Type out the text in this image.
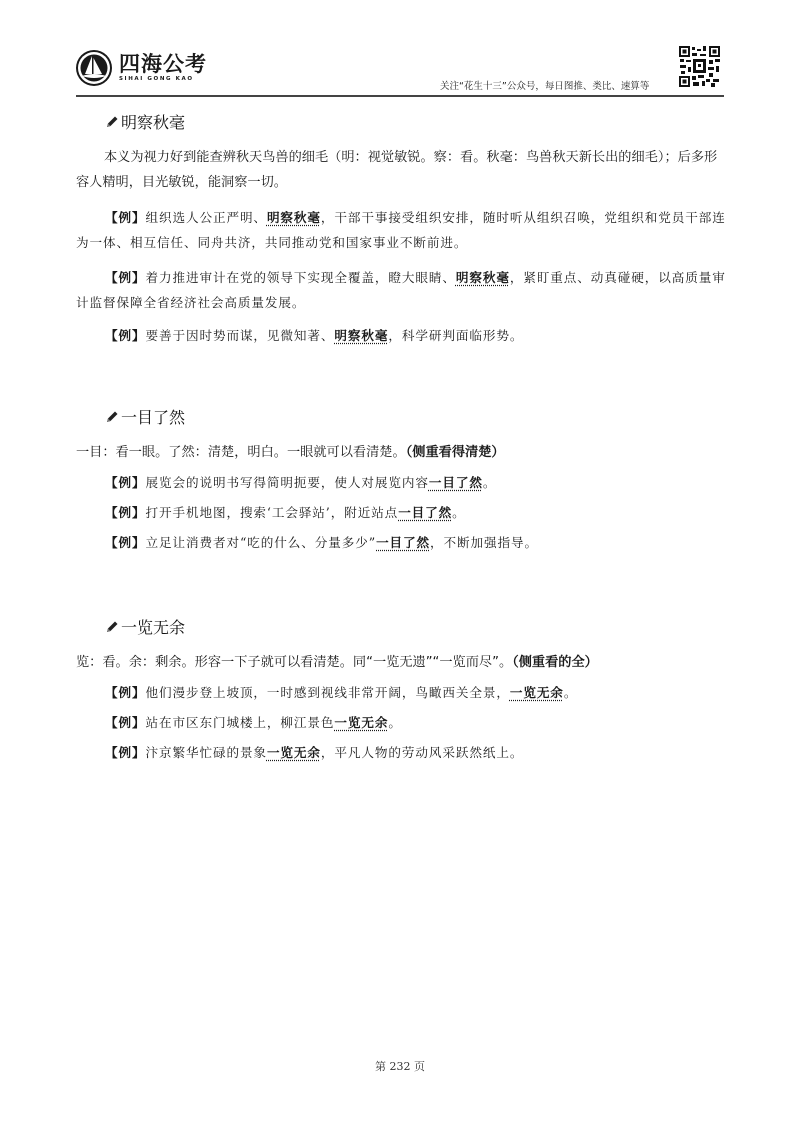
四海公考
SIHAI GONG KAO
关注“花生十三”公众号，每日图推、类比、速算等
明察秋毫
本义为视力好到能查辨秋天鸟兽的细毛（明：视觉敏锐。察：看。秋毫：鸟兽秋天新长出的细毛）；后多形容人精明，目光敏锐，能洞察一切。
【例】组织选人公正严明、明察秋毫，干部干事接受组织安排，随时听从组织召唤，党组织和党员干部连为一体、相互信任、同舟共济，共同推动党和国家事业不断前进。
【例】着力推进审计在党的领导下实现全覆盖，瞪大眼睛、明察秋毫，紧盯重点、动真碰硬，以高质量审计监督保障全省经济社会高质量发展。
【例】要善于因时势而谋，见微知著、明察秋毫，科学研判面临形势。
一目了然
一目：看一眼。了然：清楚，明白。一眼就可以看清楚。（侧重看得清楚）
【例】展览会的说明书写得简明扼要，使人对展览内容一目了然。
【例】打开手机地图，搜索‘工会驿站’，附近站点一目了然。
【例】立足让消费者对“吃的什么、分量多少”一目了然，不断加强指导。
一览无余
览：看。余：剩余。形容一下子就可以看清楚。同“一览无遗”“一览而尽”。（侧重看的全）
【例】他们漫步登上坡顶，一时感到视线非常开阔，鸟瞰西关全景，一览无余。
【例】站在市区东门城楼上，柳江景色一览无余。
【例】汴京繁华忙碌的景象一览无余，平凡人物的劳动风采跃然纸上。
第 232 页
